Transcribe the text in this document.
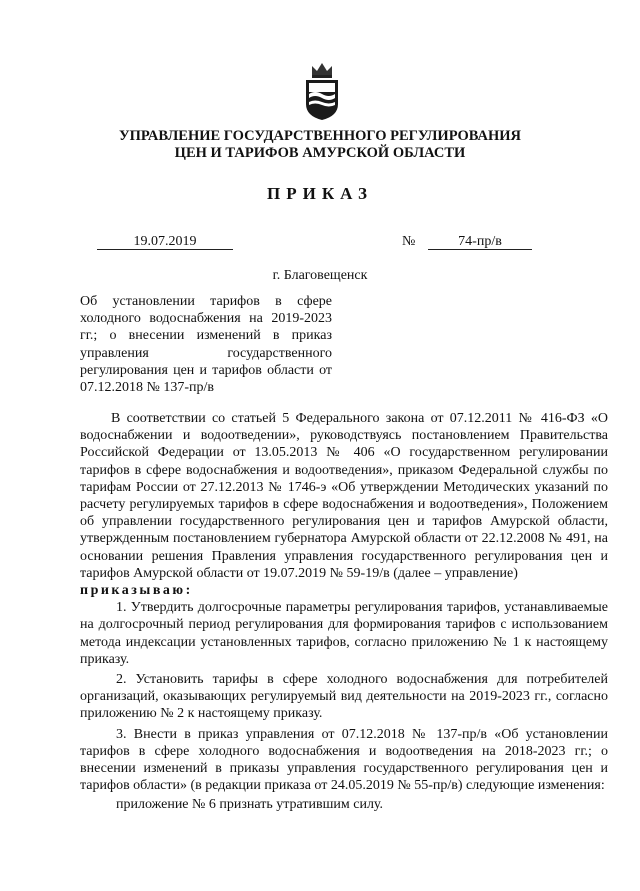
УПРАВЛЕНИЕ ГОСУДАРСТВЕННОГО РЕГУЛИРОВАНИЯ
ЦЕН И ТАРИФОВ АМУРСКОЙ ОБЛАСТИ
ПРИКАЗ
19.07.2019	№	74-пр/в
г. Благовещенск
Об установлении тарифов в сфере холодного водоснабжения на 2019-2023 гг.; о внесении изменений в приказ управления государственного регулирования цен и тарифов области от 07.12.2018 № 137-пр/в

В соответствии со статьей 5 Федерального закона от 07.12.2011 № 416-ФЗ «О водоснабжении и водоотведении», руководствуясь постановлением Правительства Российской Федерации от 13.05.2013 № 406 «О государственном регулировании тарифов в сфере водоснабжения и водоотведения», приказом Федеральной службы по тарифам России от 27.12.2013 № 1746-э «Об утверждении Методических указаний по расчету регулируемых тарифов в сфере водоснабжения и водоотведения», Положением об управлении государственного регулирования цен и тарифов Амурской области, утвержденным постановлением губернатора Амурской области от 22.12.2008 № 491, на основании решения Правления управления государственного регулирования цен и тарифов Амурской области от 19.07.2019 № 59-19/в (далее – управление)

приказываю:

1. Утвердить долгосрочные параметры регулирования тарифов, устанавливаемые на долгосрочный период регулирования для формирования тарифов с использованием метода индексации установленных тарифов, согласно приложению № 1 к настоящему приказу.

2. Установить тарифы в сфере холодного водоснабжения для потребителей организаций, оказывающих регулируемый вид деятельности на 2019-2023 гг., согласно приложению № 2 к настоящему приказу.

3. Внести в приказ управления от 07.12.2018 № 137-пр/в «Об установлении тарифов в сфере холодного водоснабжения и водоотведения на 2018-2023 гг.; о внесении изменений в приказы управления государственного регулирования цен и тарифов области» (в редакции приказа от 24.05.2019 № 55-пр/в) следующие изменения:

приложение № 6 признать утратившим силу.
